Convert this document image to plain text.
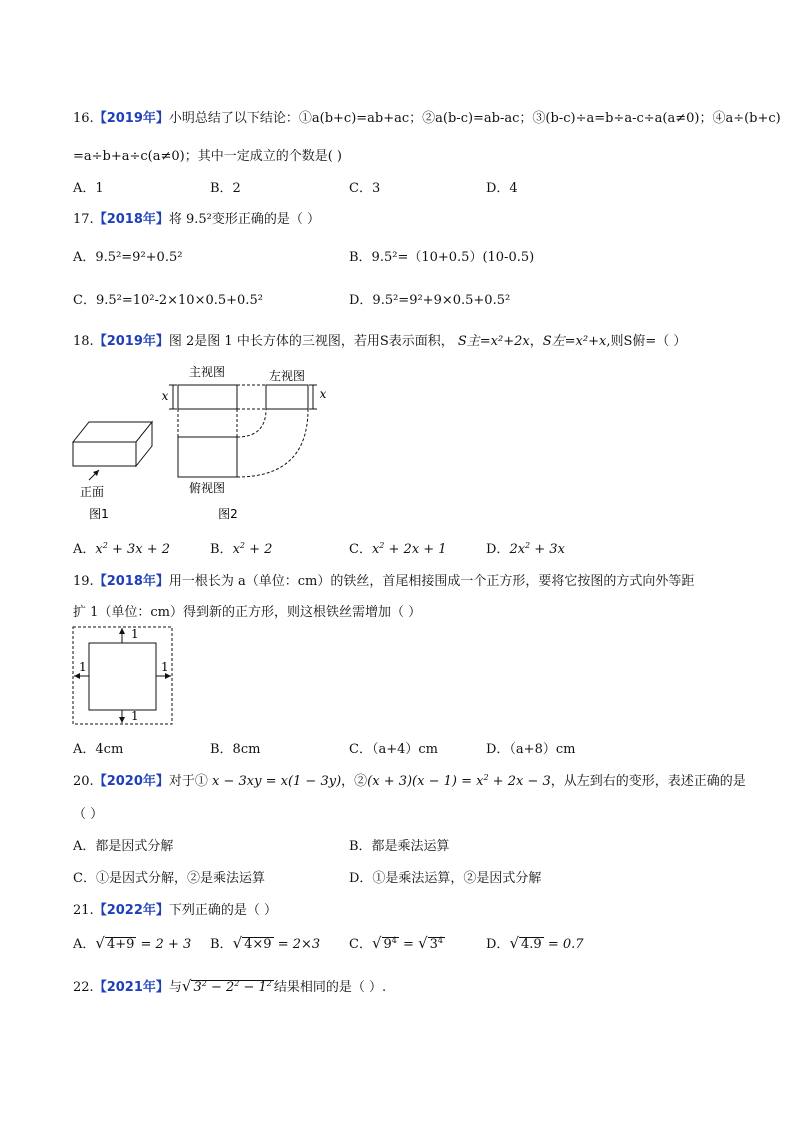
16.【2019年】小明总结了以下结论：①a(b+c)=ab+ac；②a(b-c)=ab-ac；③(b-c)÷a=b÷a-c÷a(a≠0)；④a÷(b+c)
=a÷b+a÷c(a≠0)；其中一定成立的个数是( )
A．1	B．2	C．3	D．4
17.【2018年】将 9.5²变形正确的是（ ）
A．9.5²=9²+0.5²	B．9.5²=（10+0.5）(10-0.5)
C．9.5²=10²-2×10×0.5+0.5²	D．9.5²=9²+9×0.5+0.5²
18.【2019年】图 2是图 1 中长方体的三视图，若用S表示面积， S主=x²+2x，S左=x²+x,则S俯=（ ）
x	x
主视图	左视图
俯视图
正面
图1	图2
A．$x^2 + 3x + 2$	B．$x^2 + 2$	C．$x^2 + 2x + 1$	D．$2x^2 + 3x$
19.【2018年】用一根长为 a（单位：cm）的铁丝，首尾相接围成一个正方形，要将它按图的方式向外等距
扩 1（单位：cm）得到新的正方形，则这根铁丝需增加（ ）
1
1
1	1
A．4cm	B．8cm	C．（a+4）cm	D．（a+8）cm
20.【2020年】对于① x − 3xy = x(1 − 3y)，②(x + $3)(x - 1) = x^2 + 2x - 3$，从左到右的变形，表述正确的是
（ ）
A．都是因式分解	B．都是乘法运算
C．①是因式分解，②是乘法运算	D．①是乘法运算，②是因式分解
21.【2022年】下列正确的是（ ）
A．√ 4+9 = 2 + 3 B．√ 4×9 = 2×3 C．√ $9^4$ = √ $3^4$	D．√ 4.9 = 0.7
22.【2021年】与√ $3^2 - 2^2 - 1^2$ 结果相同的是（ ）.
